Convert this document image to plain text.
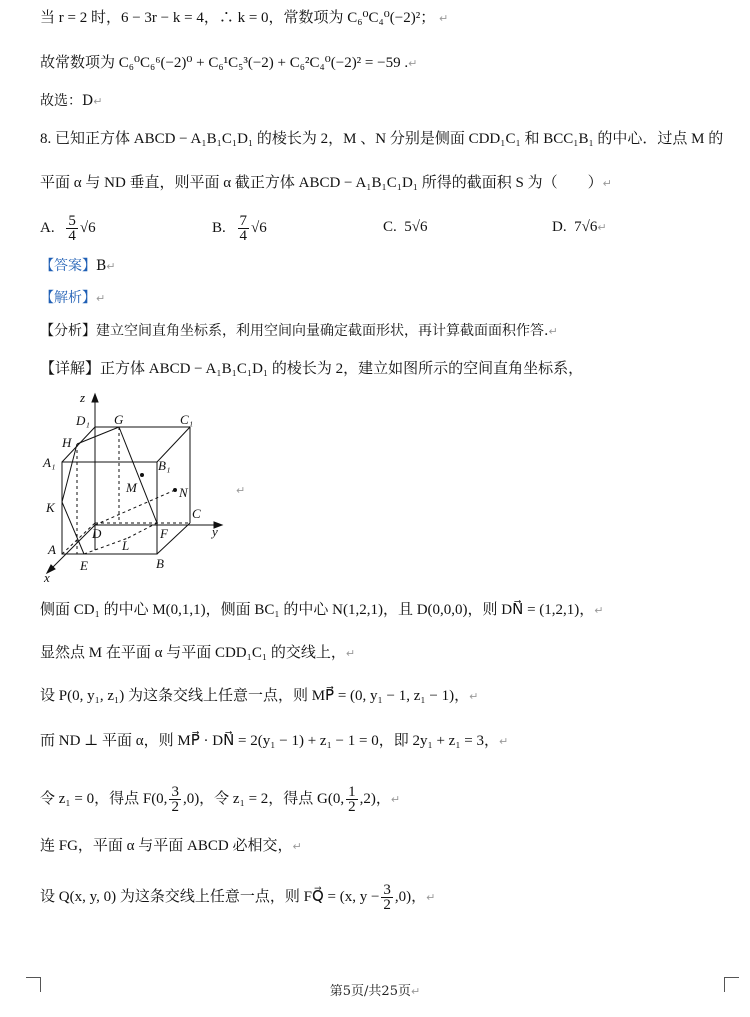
当 r = 2 时，6 − 3r − k = 4，∴ k = 0，常数项为 C₆⁰C₄⁰(−2)²； ↵
故常数项为 C₆⁰C₆⁶(−2)⁰ + C₆¹C₅³(−2) + C₆²C₄⁰(−2)² = −59 .↵
故选：D↵
8. 已知正方体 ABCD − A₁B₁C₁D₁ 的棱长为 2，M 、N 分别是侧面 CDD₁C₁ 和 BCC₁B₁ 的中心．过点 M 的
平面 α 与 ND 垂直，则平面 α 截正方体 ABCD − A₁B₁C₁D₁ 所得的截面积 S 为（　　）↵
A. $\frac{5}{4} √6$	B. $\frac{7}{4} √6$	C. 5√6	D. 7√6↵
【答案】B↵
【解析】↵
【分析】建立空间直角坐标系，利用空间向量确定截面形状，再计算截面面积作答.↵
【详解】正方体 ABCD − A₁B₁C₁D₁ 的棱长为 2，建立如图所示的空间直角坐标系，
z
D₁ G	C₁
H
A₁	B₁
M	N
K	C
y
D	F
A	L
E	B
x
↵
侧面 CD₁ 的中心 M(0,1,1)，侧面 BC₁ 的中心 N(1,2,1)，且 D(0,0,0)，则 DN⃗ = (1,2,1)，↵
显然点 M 在平面 α 与平面 CDD₁C₁ 的交线上，↵
设 P(0, y₁, z₁) 为这条交线上任意一点，则 MP⃗ = (0, y₁ − 1, z₁ − 1)，↵
而 ND ⊥ 平面 α，则 MP⃗ · DN⃗ = 2(y₁ − 1) + z₁ − 1 = 0，即 2y₁ + z₁ = 3，↵
令 z₁ = 0，得点 F(0, $\frac{3}{2} ,0$)，令 z₁ = 2，得点 G(0, $\frac{1}{2} ,2$)，↵
连 FG，平面 α 与平面 ABCD 必相交，↵
设 Q(x, y, 0) 为这条交线上任意一点，则 FQ⃗ = (x, $y - \frac{3}{2} ,0$)，↵
第5页/共25页↵
